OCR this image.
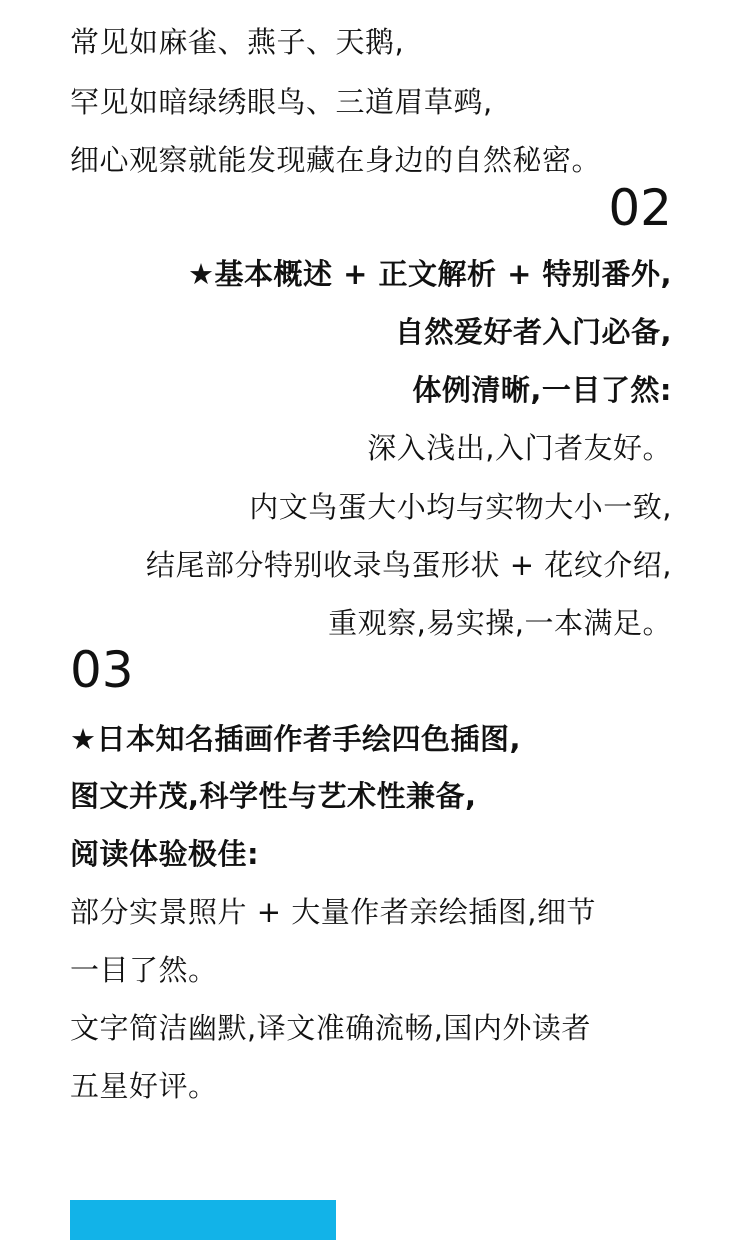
常见如麻雀、燕子、天鹅,
罕见如暗绿绣眼鸟、三道眉草鹀,
细心观察就能发现藏在身边的自然秘密。
02
★基本概述 + 正文解析 + 特别番外,
自然爱好者入门必备,
体例清晰,一目了然:
深入浅出,入门者友好。
内文鸟蛋大小均与实物大小一致,
结尾部分特别收录鸟蛋形状 + 花纹介绍,
重观察,易实操,一本满足。
03
★日本知名插画作者手绘四色插图,
图文并茂,科学性与艺术性兼备,
阅读体验极佳:
部分实景照片 + 大量作者亲绘插图,细节
一目了然。
文字简洁幽默,译文准确流畅,国内外读者
五星好评。
